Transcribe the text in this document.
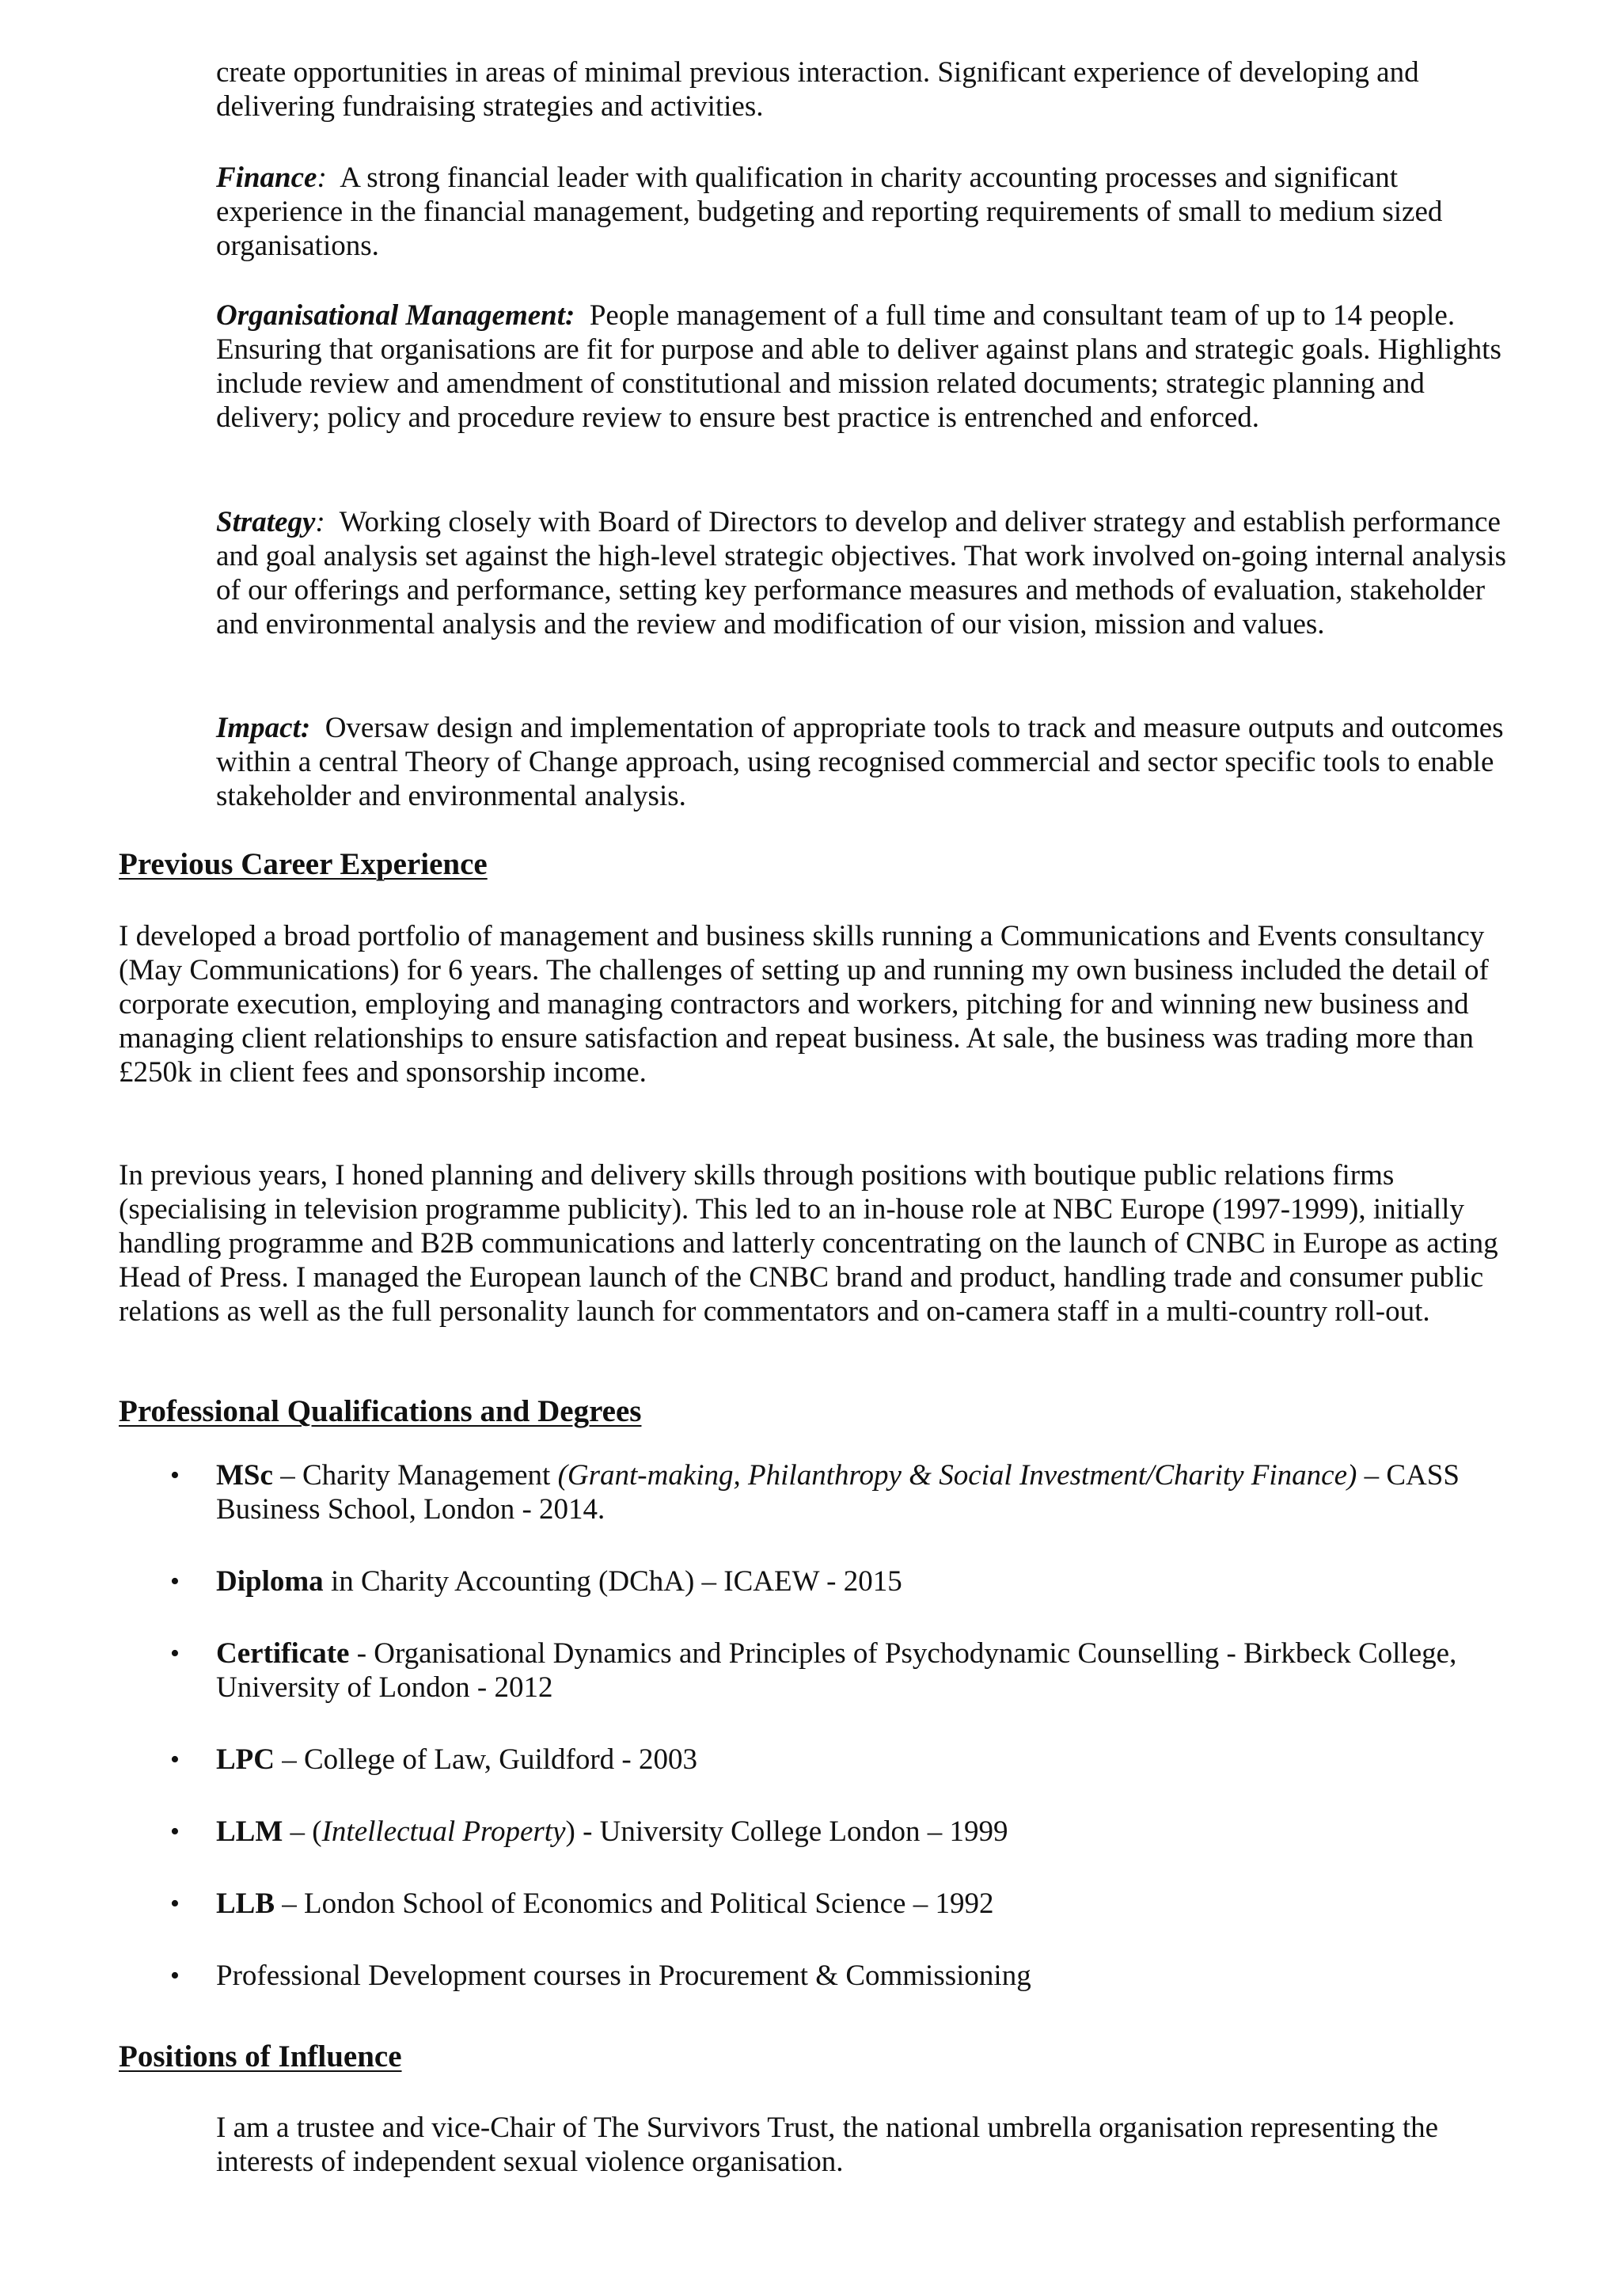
create opportunities in areas of minimal previous interaction. Significant experience of developing and delivering fundraising strategies and activities.

Finance: A strong financial leader with qualification in charity accounting processes and significant experience in the financial management, budgeting and reporting requirements of small to medium sized organisations.

Organisational Management: People management of a full time and consultant team of up to 14 people. Ensuring that organisations are fit for purpose and able to deliver against plans and strategic goals. Highlights include review and amendment of constitutional and mission related documents; strategic planning and delivery; policy and procedure review to ensure best practice is entrenched and enforced.

Strategy: Working closely with Board of Directors to develop and deliver strategy and establish performance and goal analysis set against the high-level strategic objectives. That work involved on-going internal analysis of our offerings and performance, setting key performance measures and methods of evaluation, stakeholder and environmental analysis and the review and modification of our vision, mission and values.

Impact: Oversaw design and implementation of appropriate tools to track and measure outputs and outcomes within a central Theory of Change approach, using recognised commercial and sector specific tools to enable stakeholder and environmental analysis.

Previous Career Experience

I developed a broad portfolio of management and business skills running a Communications and Events consultancy (May Communications) for 6 years. The challenges of setting up and running my own business included the detail of corporate execution, employing and managing contractors and workers, pitching for and winning new business and managing client relationships to ensure satisfaction and repeat business. At sale, the business was trading more than £250k in client fees and sponsorship income.

In previous years, I honed planning and delivery skills through positions with boutique public relations firms (specialising in television programme publicity). This led to an in-house role at NBC Europe (1997-1999), initially handling programme and B2B communications and latterly concentrating on the launch of CNBC in Europe as acting Head of Press. I managed the European launch of the CNBC brand and product, handling trade and consumer public relations as well as the full personality launch for commentators and on-camera staff in a multi-country roll-out.

Professional Qualifications and Degrees
• MSc – Charity Management (Grant-making, Philanthropy & Social Investment/Charity Finance) – CASS Business School, London - 2014.
• Diploma in Charity Accounting (DChA) – ICAEW - 2015
• Certificate - Organisational Dynamics and Principles of Psychodynamic Counselling - Birkbeck College, University of London - 2012
• LPC – College of Law, Guildford - 2003
• LLM – (Intellectual Property) - University College London – 1999
• LLB – London School of Economics and Political Science – 1992
• Professional Development courses in Procurement & Commissioning
Positions of Influence

I am a trustee and vice-Chair of The Survivors Trust, the national umbrella organisation representing the interests of independent sexual violence organisation.
